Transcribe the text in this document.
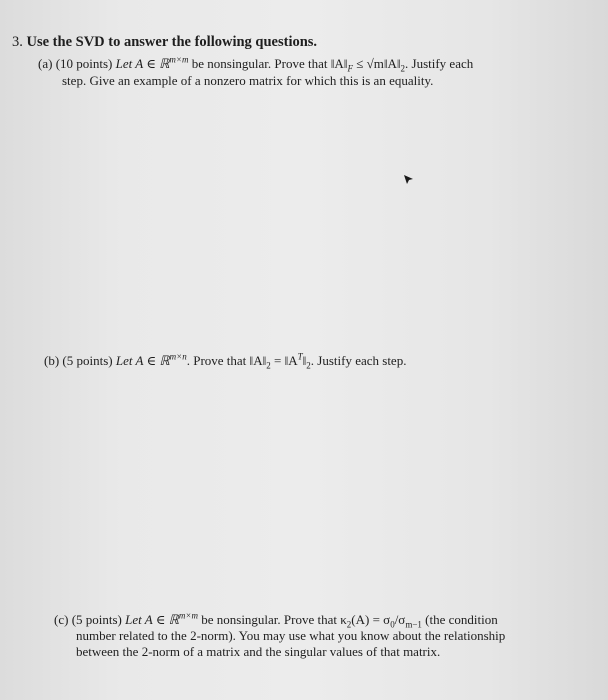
3. Use the SVD to answer the following questions.
(a) (10 points) Let A ∈ ℝ$^{m\times m}$ be nonsingular. Prove that $‖A‖_F$ ≤ $√m‖A‖_2$. Justify each
step. Give an example of a nonzero matrix for which this is an equality.
(b) (5 points) Let A ∈ ℝ$^{m\times n}$. Prove that $‖A‖_2$ = $‖A^T‖_2$. Justify each step.
(c) (5 points) Let A ∈ ℝ$^{m\times m}$ be nonsingular. Prove that $\kappa_2(A) = \sigma_0/\sigma_{m-1}$ (the condition
number related to the 2-norm). You may use what you know about the relationship
between the 2-norm of a matrix and the singular values of that matrix.
